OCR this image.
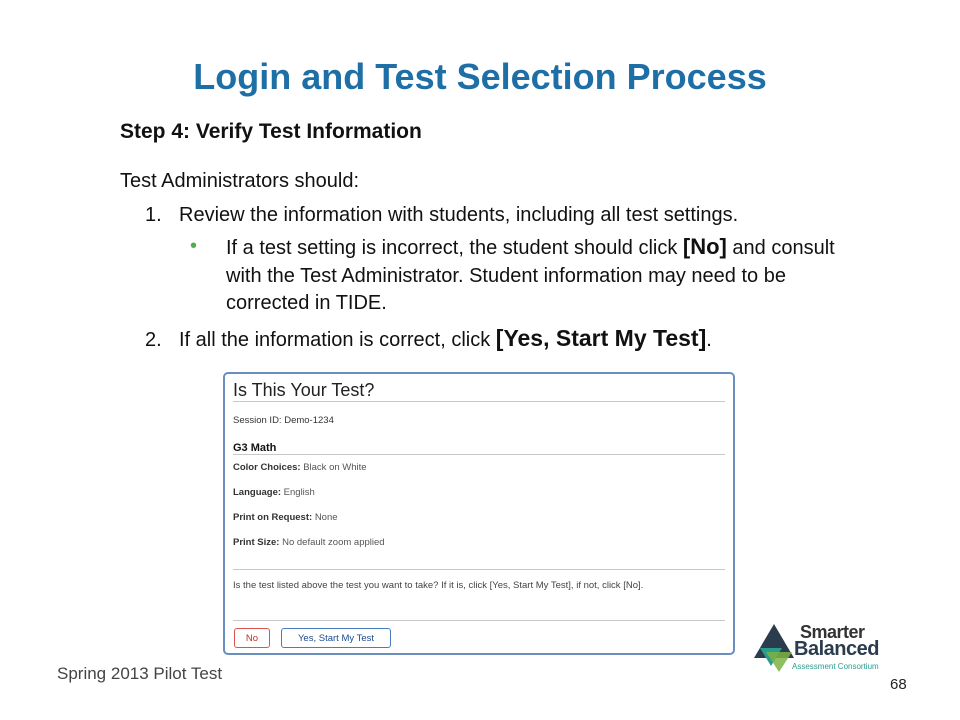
Login and Test Selection Process
Step 4: Verify Test Information
Test Administrators should:
1. Review the information with students, including all test settings.
• If a test setting is incorrect, the student should click [No] and consult with the Test Administrator. Student information may need to be corrected in TIDE.
2. If all the information is correct, click [Yes, Start My Test].
Is This Your Test?
Session ID: Demo-1234
G3 Math
Color Choices: Black on White
Language: English
Print on Request: None
Print Size: No default zoom applied
Is the test listed above the test you want to take? If it is, click [Yes, Start My Test], if not, click [No].
No	Yes, Start My Test
Spring 2013 Pilot Test
Smarter
Balanced
Assessment Consortium
68
